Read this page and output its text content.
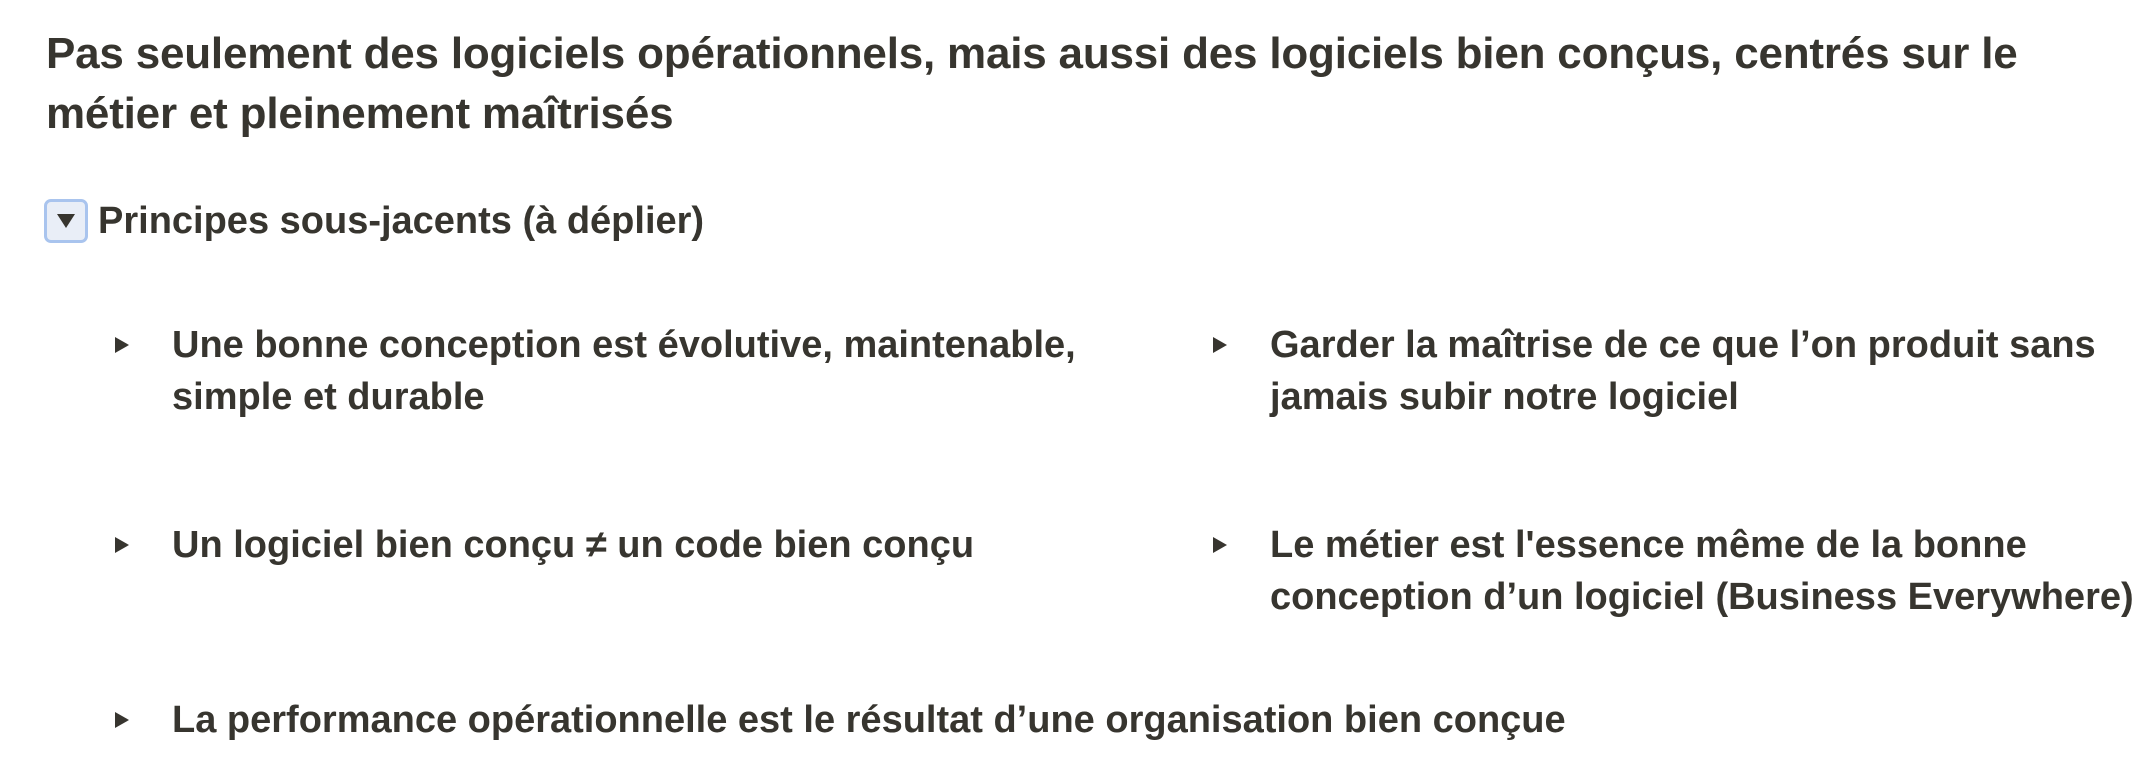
Pas seulement des logiciels opérationnels, mais aussi des logiciels bien conçus, centrés sur le métier et pleinement maîtrisés
Principes sous-jacents (à déplier)
Une bonne conception est évolutive, maintenable, simple et durable
Garder la maîtrise de ce que l’on produit sans jamais subir notre logiciel
Un logiciel bien conçu ≠ un code bien conçu	Le métier est l'essence même de la bonne conception d’un logiciel (Business Everywhere)
La performance opérationnelle est le résultat d’une organisation bien conçue
